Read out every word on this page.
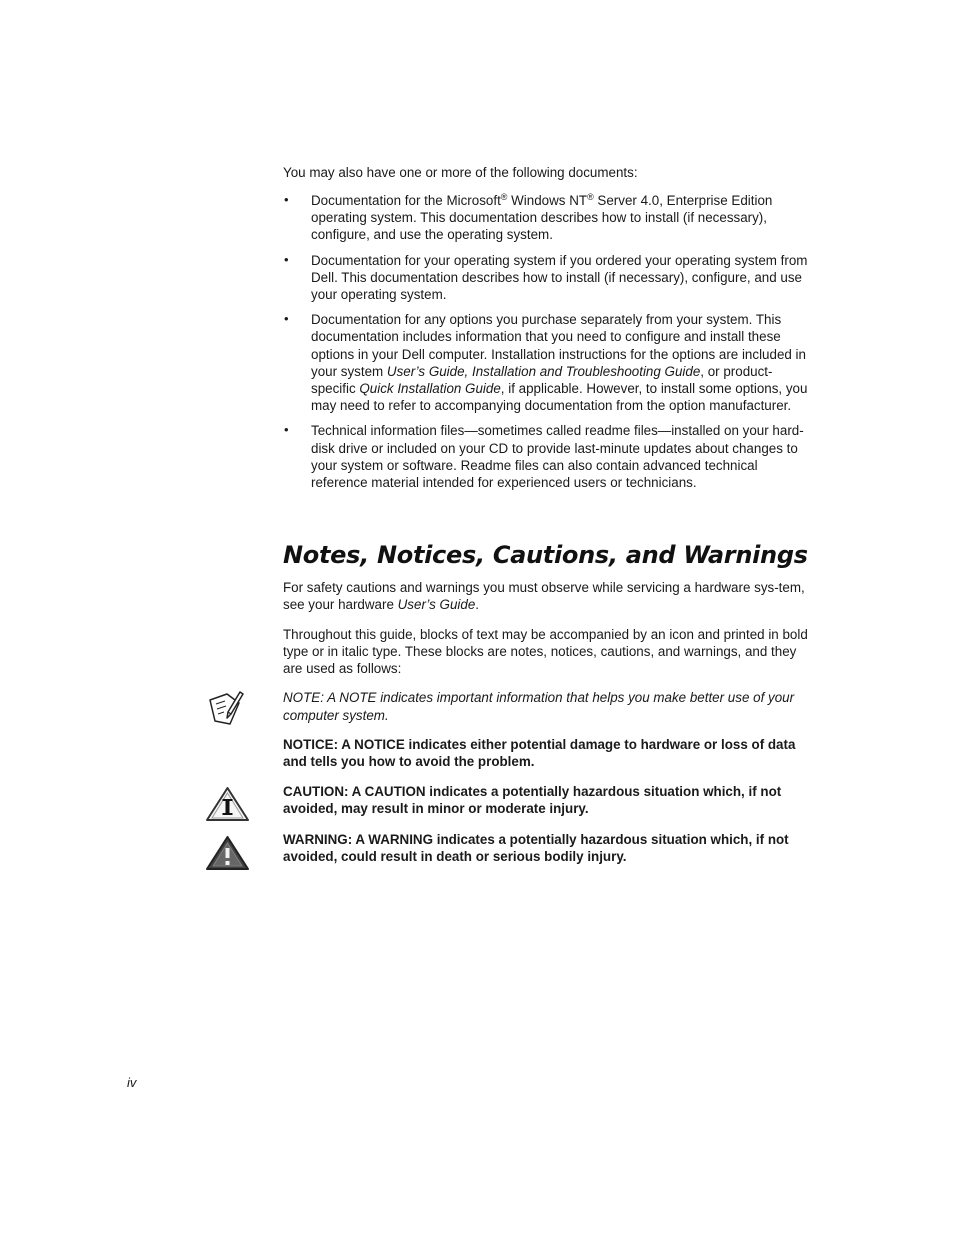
You may also have one or more of the following documents:

• Documentation for the Microsoft® Windows NT® Server 4.0, Enterprise Edition operating system. This documentation describes how to install (if necessary), configure, and use the operating system.
• Documentation for your operating system if you ordered your operating system from Dell. This documentation describes how to install (if necessary), configure, and use your operating system.
• Documentation for any options you purchase separately from your system. This documentation includes information that you need to configure and install these options in your Dell computer. Installation instructions for the options are included in your system User’s Guide, Installation and Troubleshooting Guide, or product-specific Quick Installation Guide, if applicable. However, to install some options, you may need to refer to accompanying documentation from the option manufacturer.
• Technical information files—sometimes called readme files—installed on your hard-disk drive or included on your CD to provide last-minute updates about changes to your system or software. Readme files can also contain advanced technical reference material intended for experienced users or technicians.
Notes, Notices, Cautions, and Warnings

For safety cautions and warnings you must observe while servicing a hardware sys-tem, see your hardware User’s Guide.

Throughout this guide, blocks of text may be accompanied by an icon and printed in bold type or in italic type. These blocks are notes, notices, cautions, and warnings, and they are used as follows:

NOTE: A NOTE indicates important information that helps you make better use of your computer system.

NOTICE: A NOTICE indicates either potential damage to hardware or loss of data and tells you how to avoid the problem.

CAUTION: A CAUTION indicates a potentially hazardous situation which, if not avoided, may result in minor or moderate injury.

WARNING: A WARNING indicates a potentially hazardous situation which, if not avoided, could result in death or serious bodily injury.

iv
